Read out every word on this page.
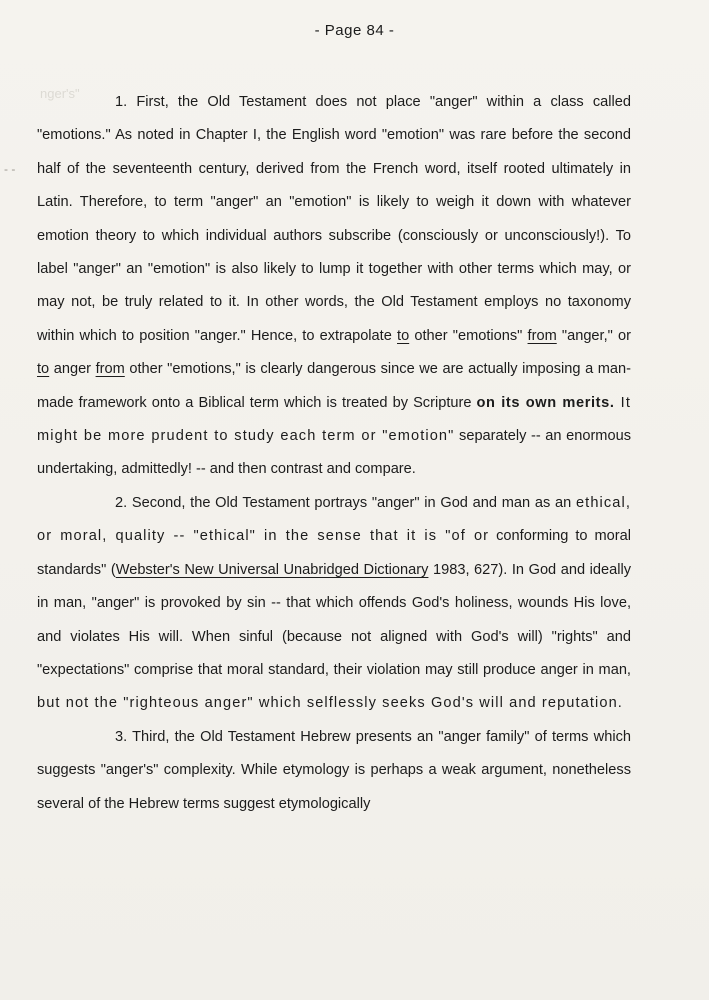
nger's"
- -
- Page 84 -

1. First, the Old Testament does not place "anger" within a class called "emotions." As noted in Chapter I, the English word "emotion" was rare before the second half of the seventeenth century, derived from the French word, itself rooted ultimately in Latin. Therefore, to term "anger" an "emotion" is likely to weigh it down with whatever emotion theory to which individual authors subscribe (consciously or unconsciously!). To label "anger" an "emotion" is also likely to lump it together with other terms which may, or may not, be truly related to it. In other words, the Old Testament employs no taxonomy within which to position "anger." Hence, to extrapolate to other "emotions" from "anger," or to anger from other "emotions," is clearly dangerous since we are actually imposing a man-made framework onto a Biblical term which is treated by Scripture on its own merits. It might be more prudent to study each term or "emotion" separately -- an enormous undertaking, admittedly! -- and then contrast and compare.

2. Second, the Old Testament portrays "anger" in God and man as an ethical, or moral, quality -- "ethical" in the sense that it is "of or conforming to moral standards" (Webster's New Universal Unabridged Dictionary 1983, 627). In God and ideally in man, "anger" is provoked by sin -- that which offends God's holiness, wounds His love, and violates His will. When sinful (because not aligned with God's will) "rights" and "expectations" comprise that moral standard, their violation may still produce anger in man, but not the "righteous anger" which selflessly seeks God's will and reputation.

3. Third, the Old Testament Hebrew presents an "anger family" of terms which suggests "anger's" complexity. While etymology is perhaps a weak argument, nonetheless several of the Hebrew terms suggest etymologically
